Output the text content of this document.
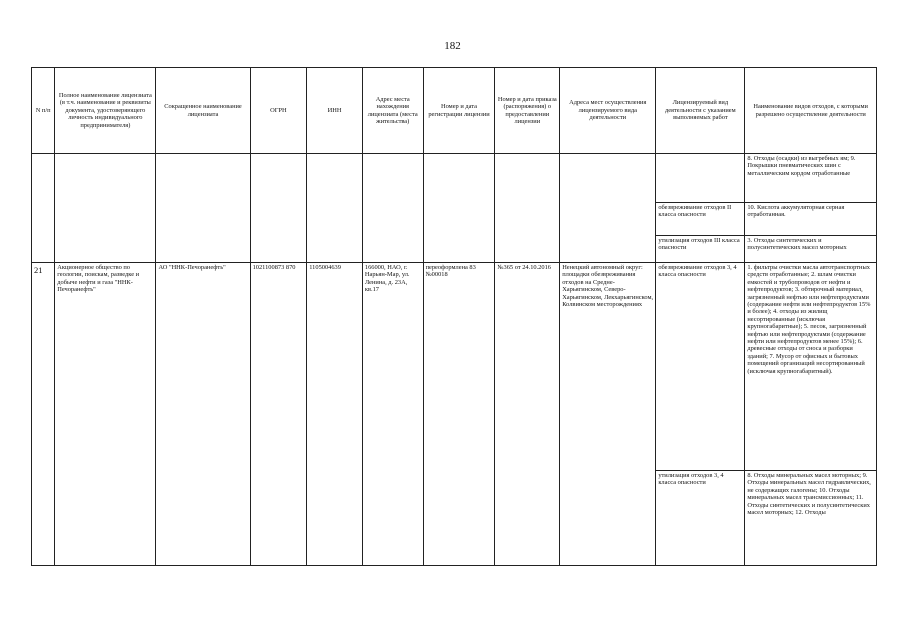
182
N п/п	Полное наименование лицензиата (в т.ч. наименование и реквизиты документа, удостоверяющего личность индивидуального предпринимателя)	Сокращенное наименование лицензиата	ОГРН	ИНН	Адрес места нахождения лицензиата (места жительства)	Номер и дата регистрации лицензии	Номер и дата приказа (распоряжения) о предоставлении лицензии	Адреса мест осуществления лицензируемого вида деятельности	Лицензируемый вид деятельности с указанием выполняемых работ	Наименование видов отходов, с которыми разрешено осуществление деятельности
										8. Отходы (осадки) из выгребных ям; 9. Покрышки пневматических шин с металлическим кордом отработанные
									обезвреживание отходов II класса опасности	10. Кислота аккумуляторная серная отработанная.
									утилизация отходов III класса опасности	3. Отходы синтетических и полусинтетических масел моторных
21	Акционерное общество по геологии, поискам, разведке и добыче нефти и газа "ННК-Печоранефть"	АО "ННК-Печоранефть"	1021100873 870	1105004639	166000, НАО, г. Нарьян-Мар, ул. Ленина, д. 23А, кв.17	переоформлена 83 №00018	№365 от 24.10.2016	Ненецкий автономный округ: площадки обезвреживания отходов на Средне-Харьягинском, Северо-Харьягинском, Лекхарьягинском, Колвинском месторождениях	обезвреживание отходов 3, 4 класса опасности	1. фильтры очистки масла автотранспортных средств отработанные; 2. шлам очистки емкостей и трубопроводов от нефти и нефтепродуктов; 3. обтирочный материал, загрязненный нефтью или нефтепродуктами (содержание нефти или нефтепродуктов 15% и более); 4. отходы из жилищ несортированные (исключая крупногабаритные); 5. песок, загрязненный нефтью или нефтепродуктами (содержание нефти или нефтепродуктов менее 15%); 6. древесные отходы от сноса и разборки зданий; 7. Мусор от офисных и бытовых помещений организаций несортированный (исключая крупногабаритный).
									утилизация отходов 3, 4 класса опасности	8. Отходы минеральных масел моторных; 9. Отходы минеральных масел гидравлических, не содержащих галогены; 10. Отходы минеральных масел трансмиссионных; 11. Отходы синтетических и полусинтетических масел моторных; 12. Отходы
